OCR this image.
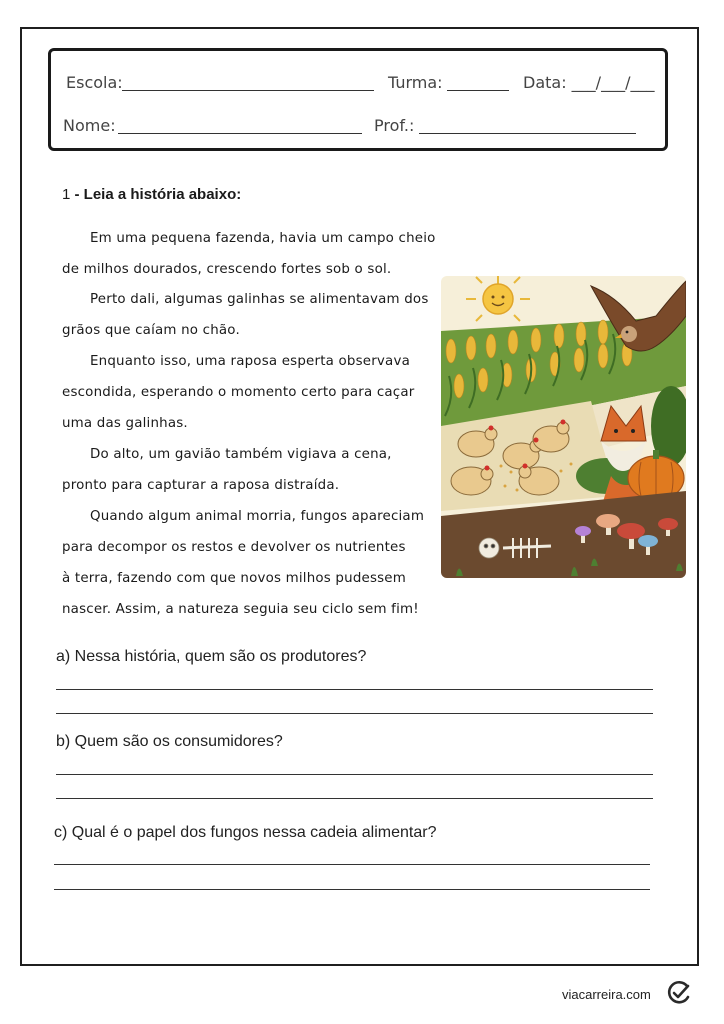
Escola:	Turma:	Data: ___/___/___
Nome:	Prof.:
1 - Leia a história abaixo:
Em uma pequena fazenda, havia um campo cheio
de milhos dourados, crescendo fortes sob o sol.
Perto dali, algumas galinhas se alimentavam dos
grãos que caíam no chão.
Enquanto isso, uma raposa esperta observava
escondida, esperando o momento certo para caçar
uma das galinhas.
Do alto, um gavião também vigiava a cena,
pronto para capturar a raposa distraída.
Quando algum animal morria, fungos apareciam
para decompor os restos e devolver os nutrientes
à terra, fazendo com que novos milhos pudessem
nascer. Assim, a natureza seguia seu ciclo sem fim!
a) Nessa história, quem são os produtores?
b) Quem são os consumidores?
c) Qual é o papel dos fungos nessa cadeia alimentar?
viacarreira.com
